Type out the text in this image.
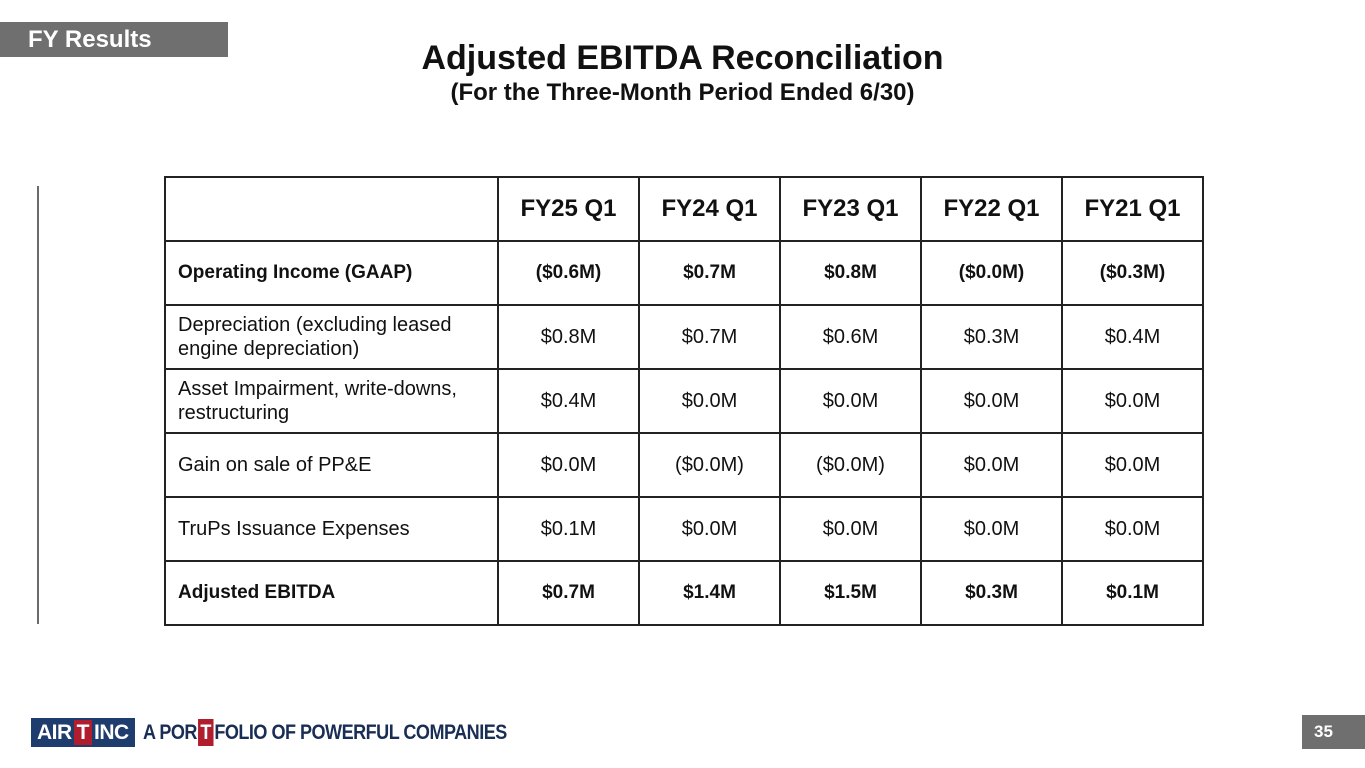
FY Results	Adjusted EBITDA Reconciliation
(For the Three-Month Period Ended 6/30)
	FY25 Q1	FY24 Q1	FY23 Q1	FY22 Q1	FY21 Q1
Operating Income (GAAP)	($0.6M)	$0.7M	$0.8M	($0.0M)	($0.3M)
Depreciation (excluding leased engine depreciation)	$0.8M	$0.7M	$0.6M	$0.3M	$0.4M
Asset Impairment, write-downs, restructuring	$0.4M	$0.0M	$0.0M	$0.0M	$0.0M
Gain on sale of PP&E	$0.0M	($0.0M)	($0.0M)	$0.0M	$0.0M
TruPs Issuance Expenses	$0.1M	$0.0M	$0.0M	$0.0M	$0.0M
Adjusted EBITDA	$0.7M	$1.4M	$1.5M	$0.3M	$0.1M
AIR T INC A POR T FOLIO OF POWERFUL COMPANIES	35
